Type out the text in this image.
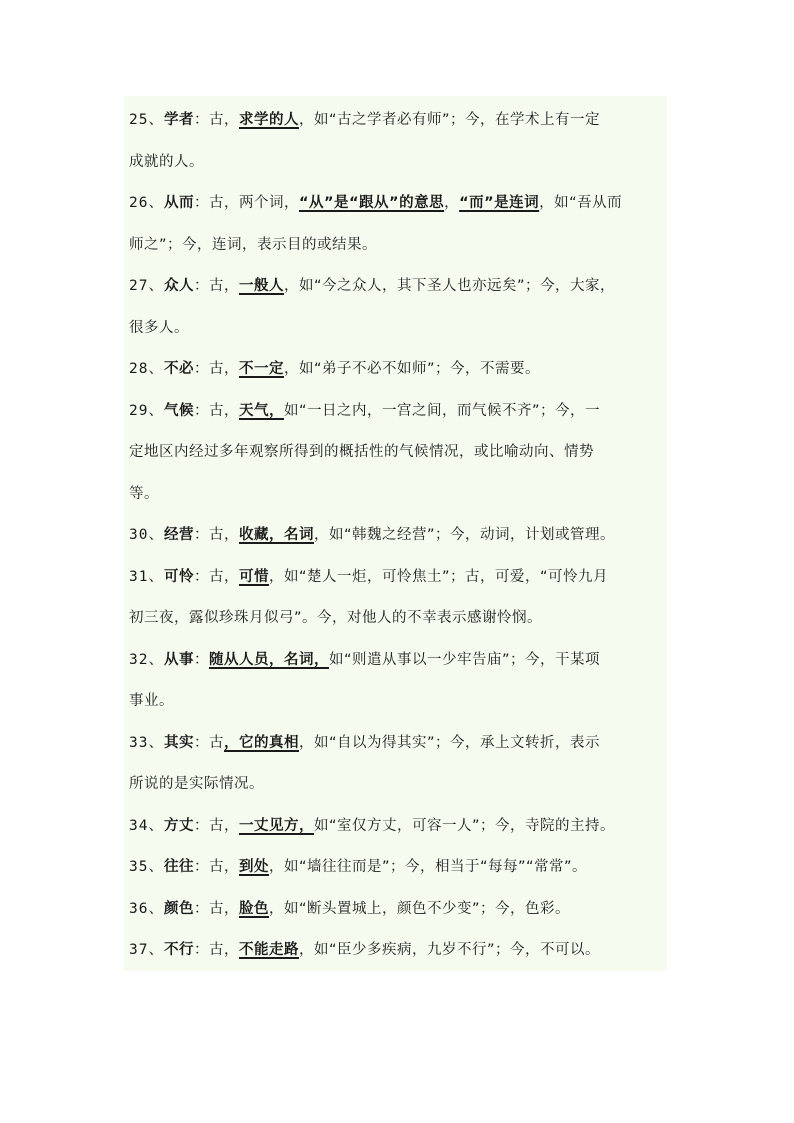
25、学者：古，求学的人，如“古之学者必有师”；今，在学术上有一定
成就的人。
26、从而：古，两个词，“从”是“跟从”的意思，“而”是连词，如“吾从而
师之”；今，连词，表示目的或结果。
27、众人：古，一般人，如“今之众人，其下圣人也亦远矣”；今，大家，
很多人。
28、不必：古，不一定，如“弟子不必不如师”；今，不需要。
29、气候：古，天气，如“一日之内，一宫之间，而气候不齐”；今，一
定地区内经过多年观察所得到的概括性的气候情况，或比喻动向、情势
等。
30、经营：古，收藏，名词，如“韩魏之经营”；今，动词，计划或管理。
31、可怜：古，可惜，如“楚人一炬，可怜焦土”；古，可爱，“可怜九月
初三夜，露似珍珠月似弓”。今，对他人的不幸表示感谢怜悯。
32、从事：随从人员，名词，如“则遣从事以一少牢告庙”；今，干某项
事业。
33、其实：古，它的真相，如“自以为得其实”；今，承上文转折，表示
所说的是实际情况。
34、方丈：古，一丈见方，如“室仅方丈，可容一人”；今，寺院的主持。
35、往往：古，到处，如“墙往往而是”；今，相当于“每每”“常常”。
36、颜色：古，脸色，如“断头置城上，颜色不少变”；今，色彩。
37、不行：古，不能走路，如“臣少多疾病，九岁不行”；今，不可以。
